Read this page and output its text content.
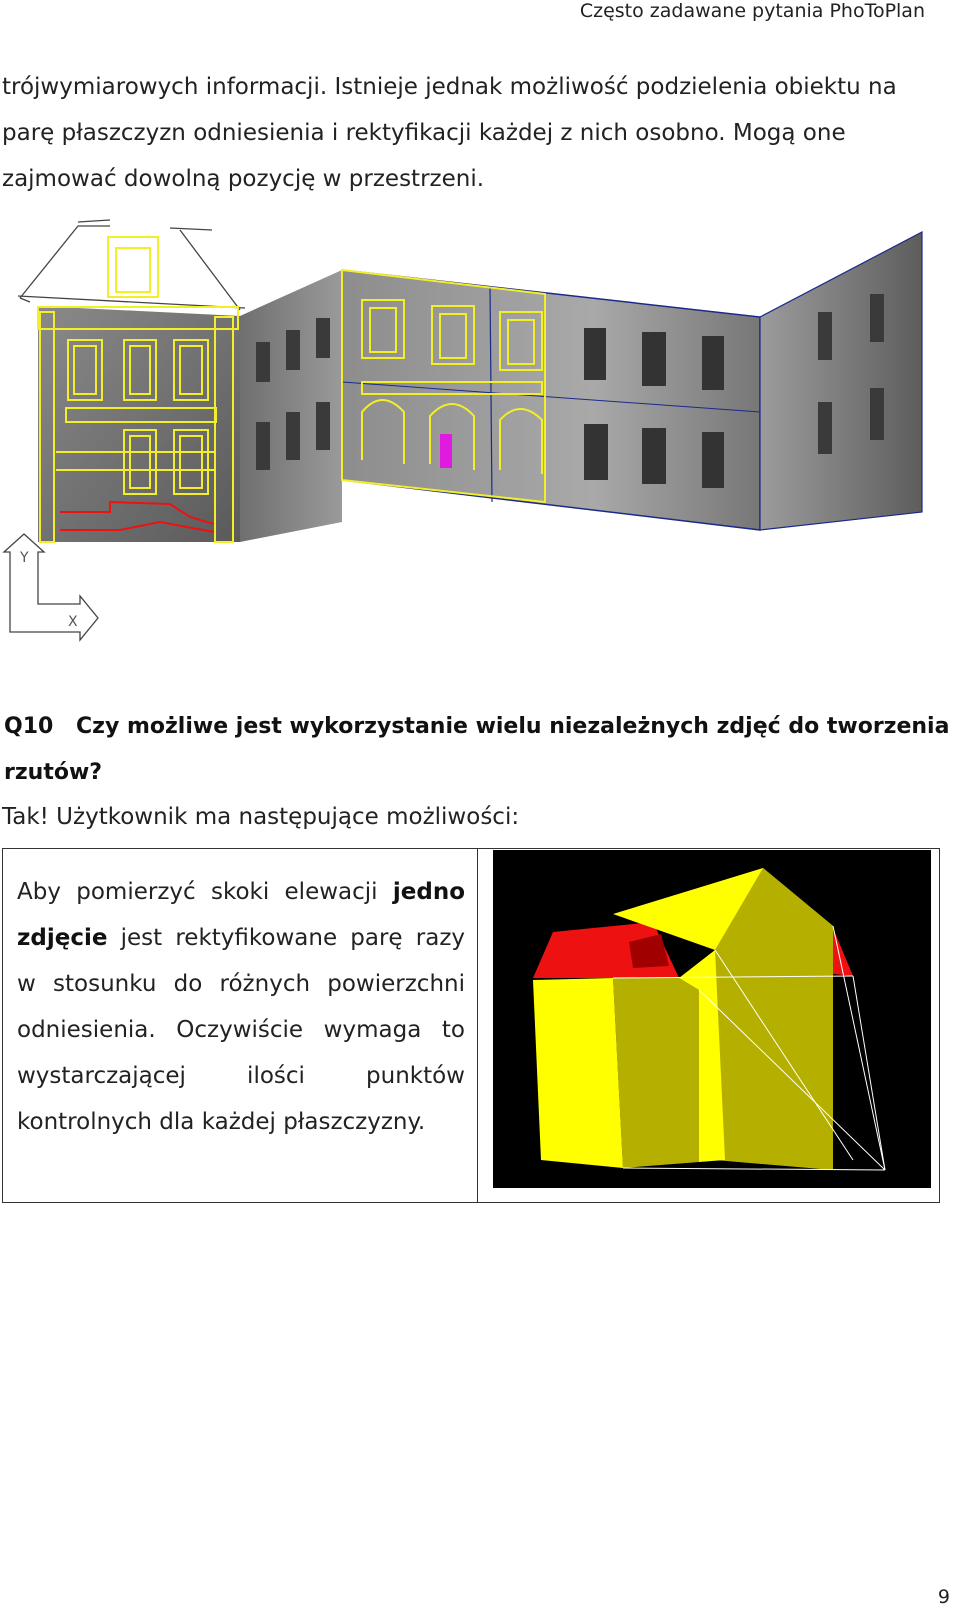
Często zadawane pytania PhoToPlan
trójwymiarowych informacji. Istnieje jednak możliwość podzielenia obiektu na
parę płaszczyzn odniesienia i rektyfikacji każdej z nich osobno. Mogą one
zajmować dowolną pozycję w przestrzeni.
Y
X
Q10 Czy możliwe jest wykorzystanie wielu niezależnych zdjęć do tworzenia
rzutów?
Tak! Użytkownik ma następujące możliwości:
Aby pomierzyć skoki elewacji jedno
zdjęcie jest rektyfikowane parę razy
w stosunku do różnych powierzchni
odniesienia. Oczywiście wymaga to
wystarczającej ilości punktów
kontrolnych dla każdej płaszczyzny.
9
